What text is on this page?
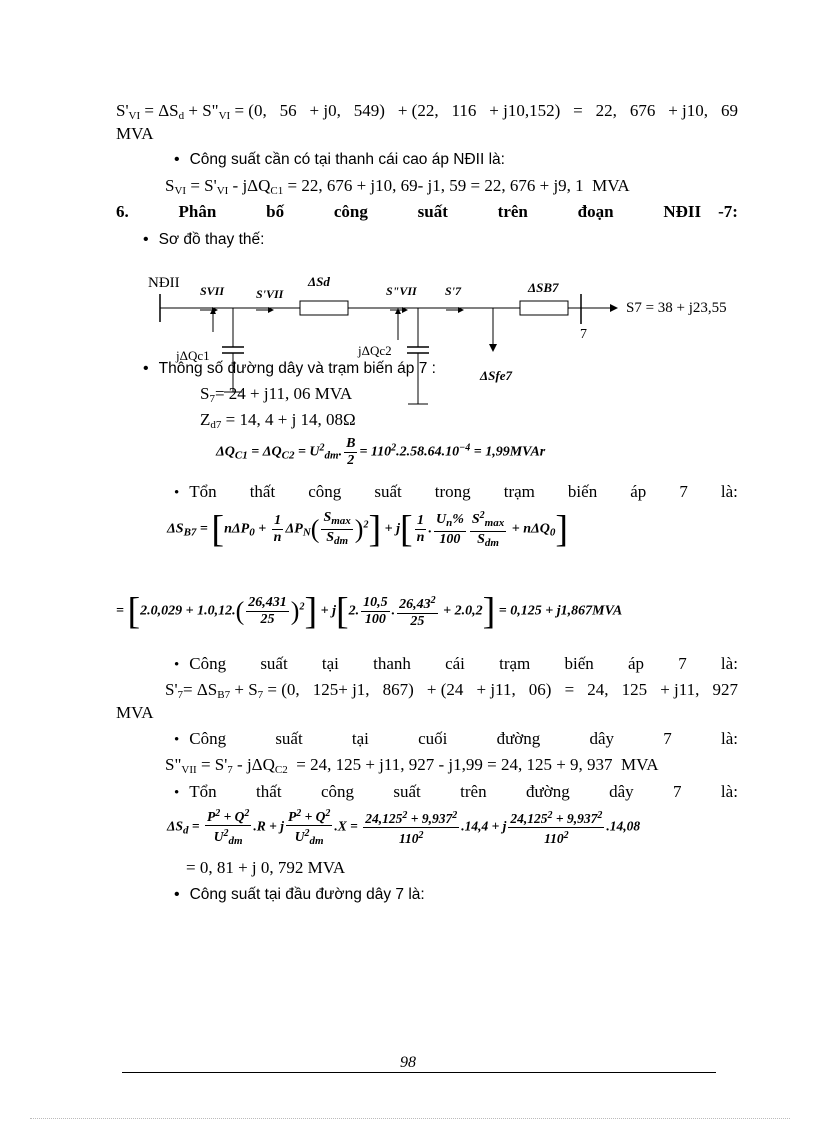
$S'_{VI} = \Delta S_d$ + $S"_{VI} = (0$, 56 + j0, 549) + (22, 116 + j10,152) = 22, 676 + j10, 69
MVA
• Công suất cần có tại thanh cái cao áp NĐII là:
$S_{VI} = S'_{VI} - j\Delta Q_{C1} = 22$, 676 + j10, 69- j1, 59 = 22, 676 + j9, 1  MVA
6.	Phân	bố	công	suất	trên	đoạn	NĐII    -7:
• Sơ đồ thay thế:
NĐII SVII	S'VII
ΔSd
S"VII S'7	ΔSB7
S7 = 38 + j23,55
7
jΔQc1	jΔQc2
ΔSfe7
• Thông số đường dây và trạm biến áp 7 :
$S_7= 24 + j11$, 06 MVA
$Z_{d7} = 14$, 4 + j 14, 08Ω
$\Delta Q_{C1} = \Delta Q_{C2} = U^2_{dm}$. $\frac{B}{2} = 110^2.2.58.64.10^{-4}$ = 1,99MVAr
• Tổn thất công suất trong trạm biến áp 7 là:
$\Delta S_{B7} = [n\Delta P_0 + \frac{1}{n} \Delta P_N( \frac{S_{max}}{S_{dm}} )^2] + j[ \frac{1}{n}$ . $\frac{U_n\%}{100} \frac{S^2_{max}}{S_{dm}} + n\Delta Q_0$]
= $[2.0,029 + 1.0,12.( \frac{26,431}{25} )^2] + j[2$. $\frac{10,5}{100}$ . $\frac{26,43^2}{25} + 2.0,2] = 0,125 + j1,867MVA$
• Công suất tại thanh cái trạm biến áp 7 là:
$S'_7= \Delta S_{B7} + S_7 = (0$, 125+ j1, 867) + (24 + j11, 06) = 24, 125 + j11, 927
MVA
• Công	suất	tại	cuối	đường	dây	7	là:
$S"_{VII} = S'_7 - j\Delta Q_{C2} = 24$, 125 + j11, 927 - j1,99 = 24, 125 + 9, 937  MVA
• Tổn thất công suất trên đường dây 7 là:
$\Delta S_d = \frac{P^2 + Q^2}{U^2_{dm}} .R + j \frac{P^2 + Q^2}{U^2_{dm}} .X = \frac{24,125^2 + 9,937^2}{110^2} .14,4 + j \frac{24,125^2 + 9,937^2}{110^2} .14,08$
= 0, 81 + j 0, 792 MVA
• Công suất tại đầu đường dây 7 là:
98
